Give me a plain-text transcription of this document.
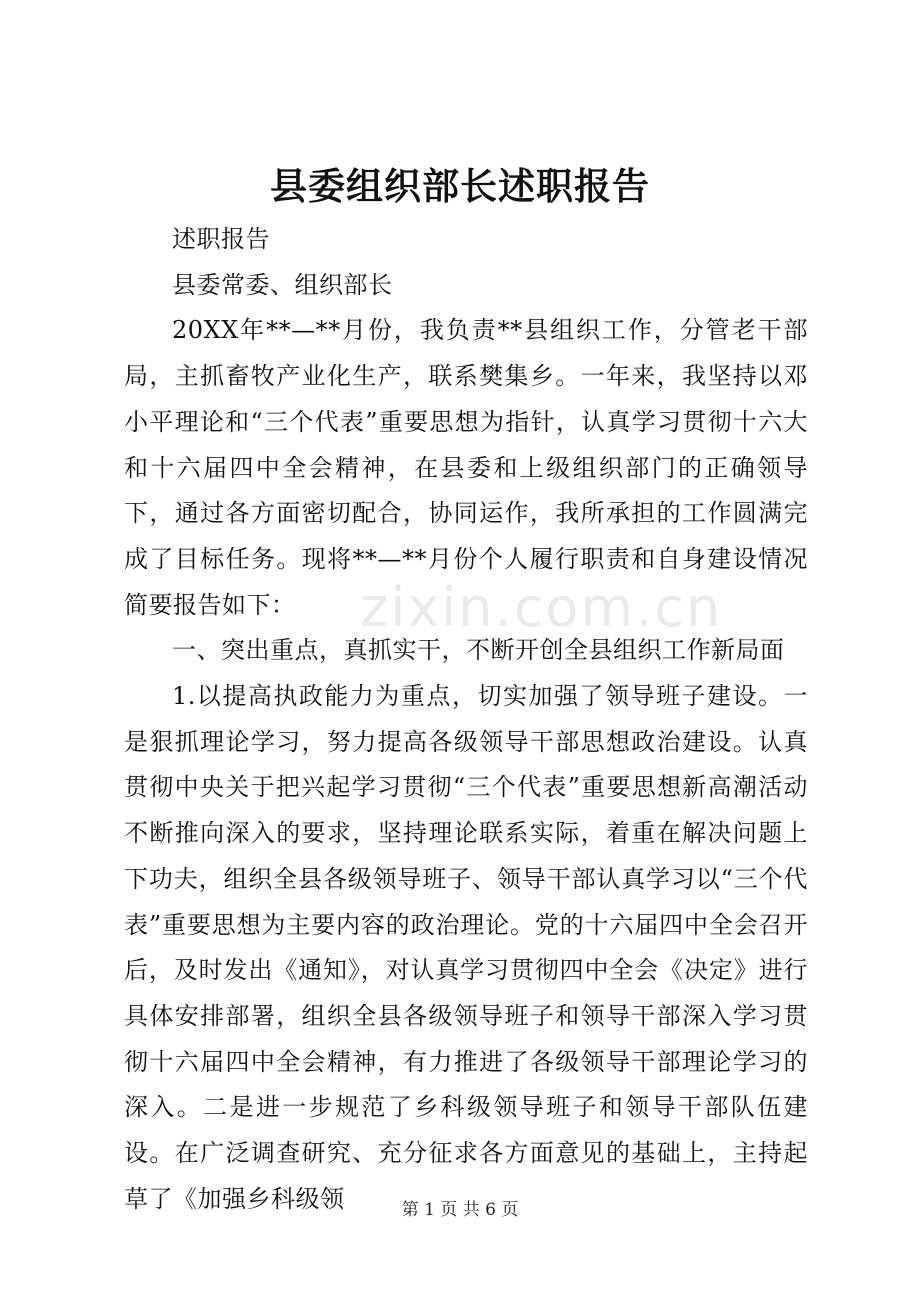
县委组织部长述职报告

述职报告

县委常委、组织部长

20XX年**—**月份，我负责**县组织工作，分管老干部局，主抓畜牧产业化生产，联系樊集乡。一年来，我坚持以邓小平理论和“三个代表”重要思想为指针，认真学习贯彻十六大和十六届四中全会精神，在县委和上级组织部门的正确领导下，通过各方面密切配合，协同运作，我所承担的工作圆满完成了目标任务。现将**—**月份个人履行职责和自身建设情况简要报告如下：

一、突出重点，真抓实干，不断开创全县组织工作新局面

1.以提高执政能力为重点，切实加强了领导班子建设。一是狠抓理论学习，努力提高各级领导干部思想政治建设。认真贯彻中央关于把兴起学习贯彻“三个代表”重要思想新高潮活动不断推向深入的要求，坚持理论联系实际，着重在解决问题上下功夫，组织全县各级领导班子、领导干部认真学习以“三个代表”重要思想为主要内容的政治理论。党的十六届四中全会召开后，及时发出《通知》，对认真学习贯彻四中全会《决定》进行具体安排部署，组织全县各级领导班子和领导干部深入学习贯彻十六届四中全会精神，有力推进了各级领导干部理论学习的深入。二是进一步规范了乡科级领导班子和领导干部队伍建设。在广泛调查研究、充分征求各方面意见的基础上，主持起草了《加强乡科级领

zixin.com.cn
第 1 页 共 6 页
